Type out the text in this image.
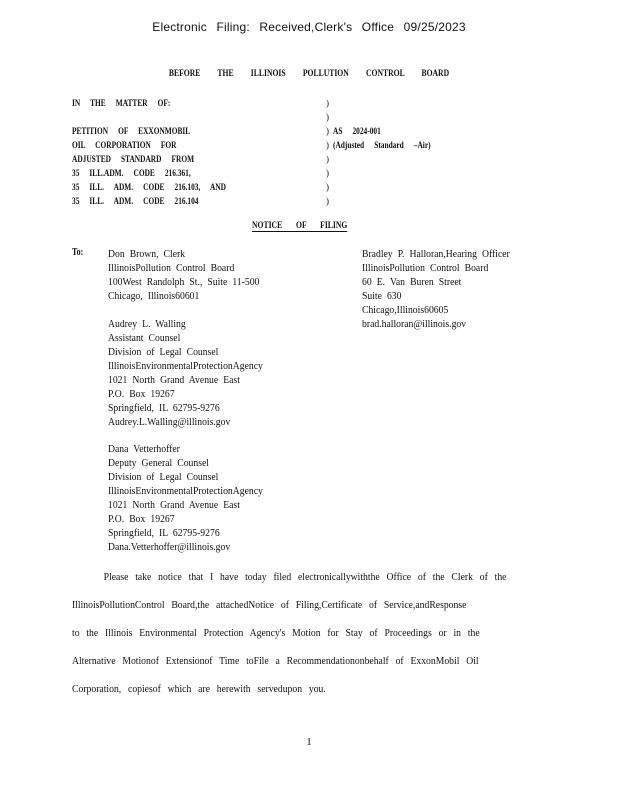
Electronic Filing: Received,Clerk's Office 09/25/2023
BEFORE THE ILLINOIS POLLUTION CONTROL BOARD
IN THE MATTER OF:

PETITION OF EXXONMOBIL
OIL CORPORATION FOR
ADJUSTED STANDARD FROM
35 ILL.ADM. CODE 216.361,
35 ILL. ADM. CODE 216.103, AND
35 ILL. ADM. CODE 216.104
)
)
)
)
)
)
)
)
AS 2024-001
(Adjusted Standard –Air)
NOTICE OF FILING
To: Don Brown, Clerk
IllinoisPollution Control Board
100West Randolph St., Suite 11-500
Chicago, Illinois60601
Audrey L. Walling
Assistant Counsel
Division of Legal Counsel
IllinoisEnvironmentalProtectionAgency
1021 North Grand Avenue East
P.O. Box 19267
Springfield, IL 62795-9276
Audrey.L.Walling@illinois.gov
Dana Vetterhoffer
Deputy General Counsel
Division of Legal Counsel
IllinoisEnvironmentalProtectionAgency
1021 North Grand Avenue East
P.O. Box 19267
Springfield, IL 62795-9276
Dana.Vetterhoffer@illinois.gov
Bradley P. Halloran,Hearing Officer
IllinoisPollution Control Board
60 E. Van Buren Street
Suite 630
Chicago,Illinois60605
brad.halloran@illinois.gov
Please take notice that I have today filed electronicallywiththe Office of the Clerk of the
IllinoisPollutionControl Board,the attachedNotice of Filing,Certificate of Service,andResponse
to the Illinois Environmental Protection Agency's Motion for Stay of Proceedings or in the
Alternative Motionof Extensionof Time toFile a Recommendationonbehalf of ExxonMobil Oil
Corporation, copiesof which are herewith servedupon you.
1
